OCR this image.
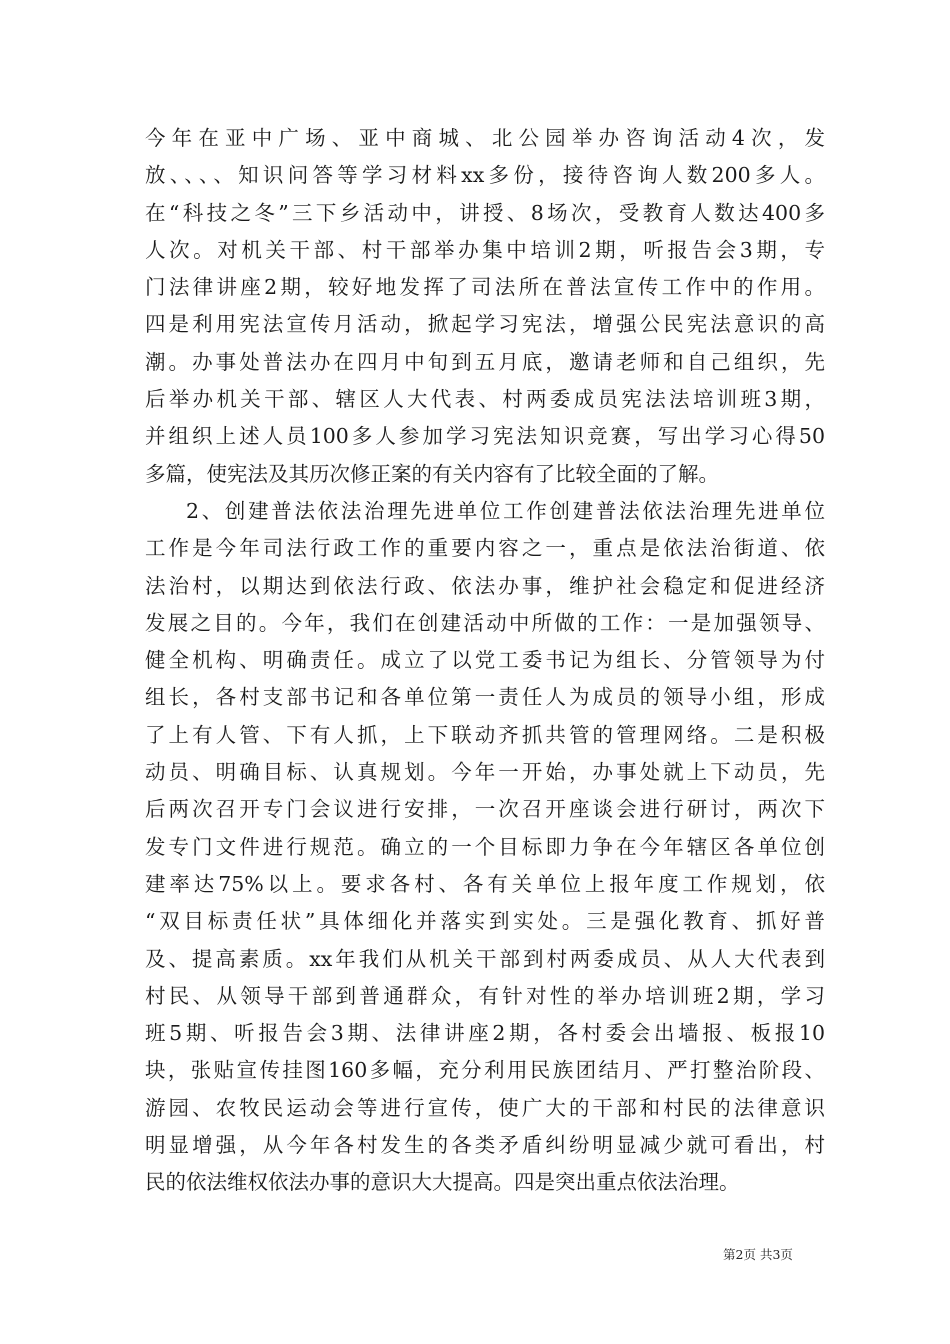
今年在亚中广场、亚中商城、北公园举办咨询活动4次，发
放、、、、知识问答等学习材料xx多份，接待咨询人数200多人。
在“科技之冬”三下乡活动中，讲授、8场次，受教育人数达400多
人次。对机关干部、村干部举办集中培训2期，听报告会3期，专
门法律讲座2期，较好地发挥了司法所在普法宣传工作中的作用。
四是利用宪法宣传月活动，掀起学习宪法，增强公民宪法意识的高
潮。办事处普法办在四月中旬到五月底，邀请老师和自己组织，先
后举办机关干部、辖区人大代表、村两委成员宪法法培训班3期，
并组织上述人员100多人参加学习宪法知识竞赛，写出学习心得50
多篇，使宪法及其历次修正案的有关内容有了比较全面的了解。
2、创建普法依法治理先进单位工作创建普法依法治理先进单位
工作是今年司法行政工作的重要内容之一，重点是依法治街道、依
法治村，以期达到依法行政、依法办事，维护社会稳定和促进经济
发展之目的。今年，我们在创建活动中所做的工作：一是加强领导、
健全机构、明确责任。成立了以党工委书记为组长、分管领导为付
组长，各村支部书记和各单位第一责任人为成员的领导小组，形成
了上有人管、下有人抓，上下联动齐抓共管的管理网络。二是积极
动员、明确目标、认真规划。今年一开始，办事处就上下动员，先
后两次召开专门会议进行安排，一次召开座谈会进行研讨，两次下
发专门文件进行规范。确立的一个目标即力争在今年辖区各单位创
建率达75%以上。要求各村、各有关单位上报年度工作规划，依
“双目标责任状”具体细化并落实到实处。三是强化教育、抓好普
及、提高素质。xx年我们从机关干部到村两委成员、从人大代表到
村民、从领导干部到普通群众，有针对性的举办培训班2期，学习
班5期、听报告会3期、法律讲座2期，各村委会出墙报、板报10
块，张贴宣传挂图160多幅，充分利用民族团结月、严打整治阶段、
游园、农牧民运动会等进行宣传，使广大的干部和村民的法律意识
明显增强，从今年各村发生的各类矛盾纠纷明显减少就可看出，村
民的依法维权依法办事的意识大大提高。四是突出重点依法治理。
第2页 共3页
